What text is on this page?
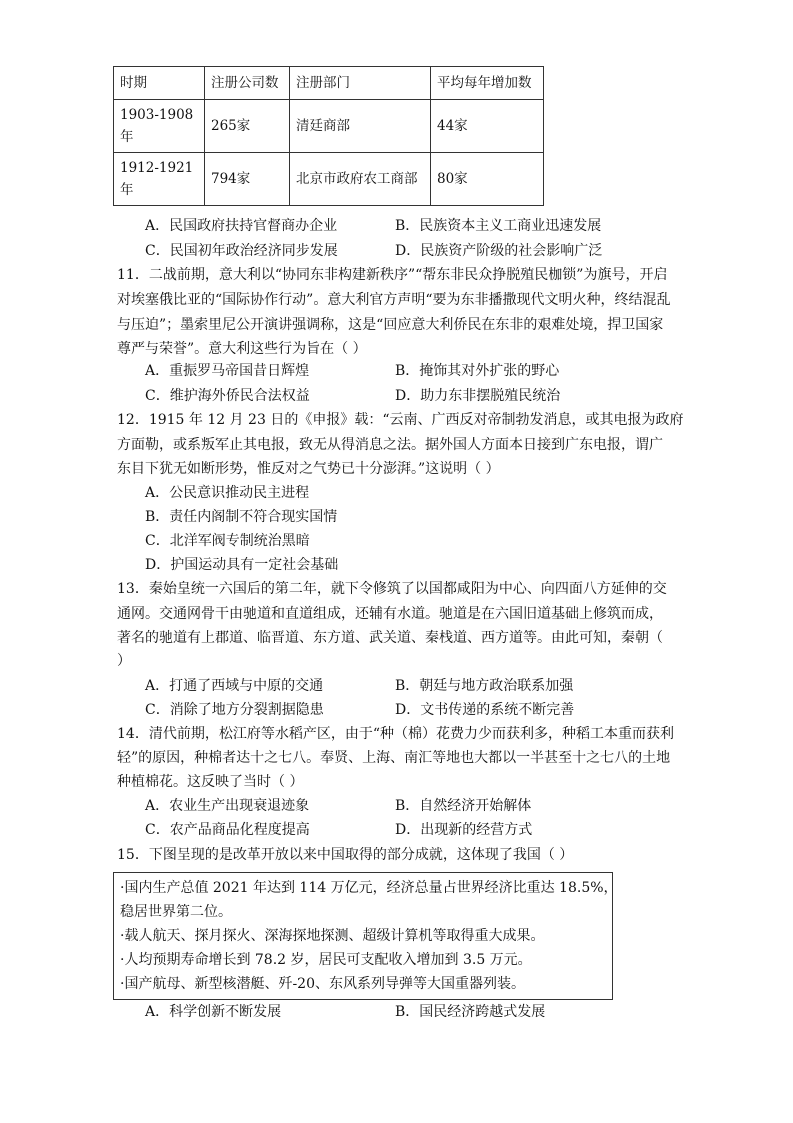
时期	注册公司数	注册部门	平均每年增加数

1903-1908
年	265家	清廷商部	44家

1912-1921
年	794家	北京市政府农工商部	80家
A．民国政府扶持官督商办企业	B．民族资本主义工商业迅速发展
C．民国初年政治经济同步发展	D．民族资产阶级的社会影响广泛
11．二战前期，意大利以“协同东非构建新秩序”“帮东非民众挣脱殖民枷锁”为旗号，开启
对埃塞俄比亚的“国际协作行动”。意大利官方声明“要为东非播撒现代文明火种，终结混乱
与压迫”；墨索里尼公开演讲强调称，这是“回应意大利侨民在东非的艰难处境，捍卫国家
尊严与荣誉”。意大利这些行为旨在（ ）
A．重振罗马帝国昔日辉煌	B．掩饰其对外扩张的野心
C．维护海外侨民合法权益	D．助力东非摆脱殖民统治
12．1915 年 12 月 23 日的《申报》载：“云南、广西反对帝制勃发消息，或其电报为政府
方面勒，或系叛军止其电报，致无从得消息之法。据外国人方面本日接到广东电报，谓广
东目下犹无如断形势，惟反对之气势已十分澎湃。”这说明（ ）
A．公民意识推动民主进程
B．责任内阁制不符合现实国情
C．北洋军阀专制统治黑暗
D．护国运动具有一定社会基础
13．秦始皇统一六国后的第二年，就下令修筑了以国都咸阳为中心、向四面八方延伸的交
通网。交通网骨干由驰道和直道组成，还辅有水道。驰道是在六国旧道基础上修筑而成，
著名的驰道有上郡道、临晋道、东方道、武关道、秦栈道、西方道等。由此可知，秦朝（
）
A．打通了西域与中原的交通	B．朝廷与地方政治联系加强
C．消除了地方分裂割据隐患	D．文书传递的系统不断完善
14．清代前期，松江府等水稻产区，由于“种（棉）花费力少而获利多，种稻工本重而获利
轻”的原因，种棉者达十之七八。奉贤、上海、南汇等地也大都以一半甚至十之七八的土地
种植棉花。这反映了当时（ ）
A．农业生产出现衰退迹象	B．自然经济开始解体
C．农产品商品化程度提高	D．出现新的经营方式
15．下图呈现的是改革开放以来中国取得的部分成就，这体现了我国（ ）
·国内生产总值 2021 年达到 114 万亿元，经济总量占世界经济比重达 18.5%，
稳居世界第二位。
·载人航天、探月探火、深海探地探测、超级计算机等取得重大成果。
·人均预期寿命增长到 78.2 岁，居民可支配收入增加到 3.5 万元。
·国产航母、新型核潜艇、歼-20、东风系列导弹等大国重器列装。
A．科学创新不断发展	B．国民经济跨越式发展
